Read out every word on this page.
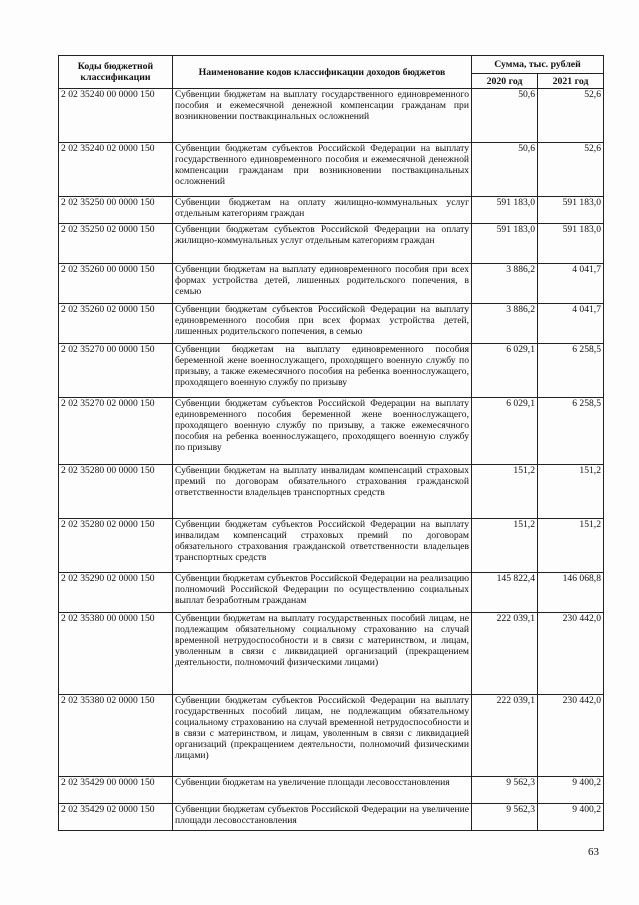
Коды бюджетной классификации	Наименование кодов классификации доходов бюджетов	Сумма, тыс. рублей	
		2020 год	2021 год
2 02 35240 00 0000 150	Субвенции бюджетам на выплату государственного единовременного пособия и ежемесячной денежной компенсации гражданам при возникновении поствакцинальных осложнений	50,6	52,6
2 02 35240 02 0000 150	Субвенции бюджетам субъектов Российской Федерации на выплату государственного единовременного пособия и ежемесячной денежной компенсации гражданам при возникновении поствакцинальных осложнений	50,6	52,6
2 02 35250 00 0000 150	Субвенции бюджетам на оплату жилищно-коммунальных услуг отдельным категориям граждан	591 183,0	591 183,0
2 02 35250 02 0000 150	Субвенции бюджетам субъектов Российской Федерации на оплату жилищно-коммунальных услуг отдельным категориям граждан	591 183,0	591 183,0
2 02 35260 00 0000 150	Субвенции бюджетам на выплату единовременного пособия при всех формах устройства детей, лишенных родительского попечения, в семью	3 886,2	4 041,7
2 02 35260 02 0000 150	Субвенции бюджетам субъектов Российской Федерации на выплату единовременного пособия при всех формах устройства детей, лишенных родительского попечения, в семью	3 886,2	4 041,7
2 02 35270 00 0000 150	Субвенции бюджетам на выплату единовременного пособия беременной жене военнослужащего, проходящего военную службу по призыву, а также ежемесячного пособия на ребенка военнослужащего, проходящего военную службу по призыву	6 029,1	6 258,5
2 02 35270 02 0000 150	Субвенции бюджетам субъектов Российской Федерации на выплату единовременного пособия беременной жене военнослужащего, проходящего военную службу по призыву, а также ежемесячного пособия на ребенка военнослужащего, проходящего военную службу по призыву	6 029,1	6 258,5
2 02 35280 00 0000 150	Субвенции бюджетам на выплату инвалидам компенсаций страховых премий по договорам обязательного страхования гражданской ответственности владельцев транспортных средств	151,2	151,2
2 02 35280 02 0000 150	Субвенции бюджетам субъектов Российской Федерации на выплату инвалидам компенсаций страховых премий по договорам обязательного страхования гражданской ответственности владельцев транспортных средств	151,2	151,2
2 02 35290 02 0000 150	Субвенции бюджетам субъектов Российской Федерации на реализацию полномочий Российской Федерации по осуществлению социальных выплат безработным гражданам	145 822,4	146 068,8
2 02 35380 00 0000 150	Субвенции бюджетам на выплату государственных пособий лицам, не подлежащим обязательному социальному страхованию на случай временной нетрудоспособности и в связи с материнством, и лицам, уволенным в связи с ликвидацией организаций (прекращением деятельности, полномочий физическими лицами)	222 039,1	230 442,0
2 02 35380 02 0000 150	Субвенции бюджетам субъектов Российской Федерации на выплату государственных пособий лицам, не подлежащим обязательному социальному страхованию на случай временной нетрудоспособности и в связи с материнством, и лицам, уволенным в связи с ликвидацией организаций (прекращением деятельности, полномочий физическими лицами)	222 039,1	230 442,0
2 02 35429 00 0000 150	Субвенции бюджетам на увеличение площади лесовосстановления	9 562,3	9 400,2
2 02 35429 02 0000 150	Субвенции бюджетам субъектов Российской Федерации на увеличение площади лесовосстановления	9 562,3	9 400,2
63
